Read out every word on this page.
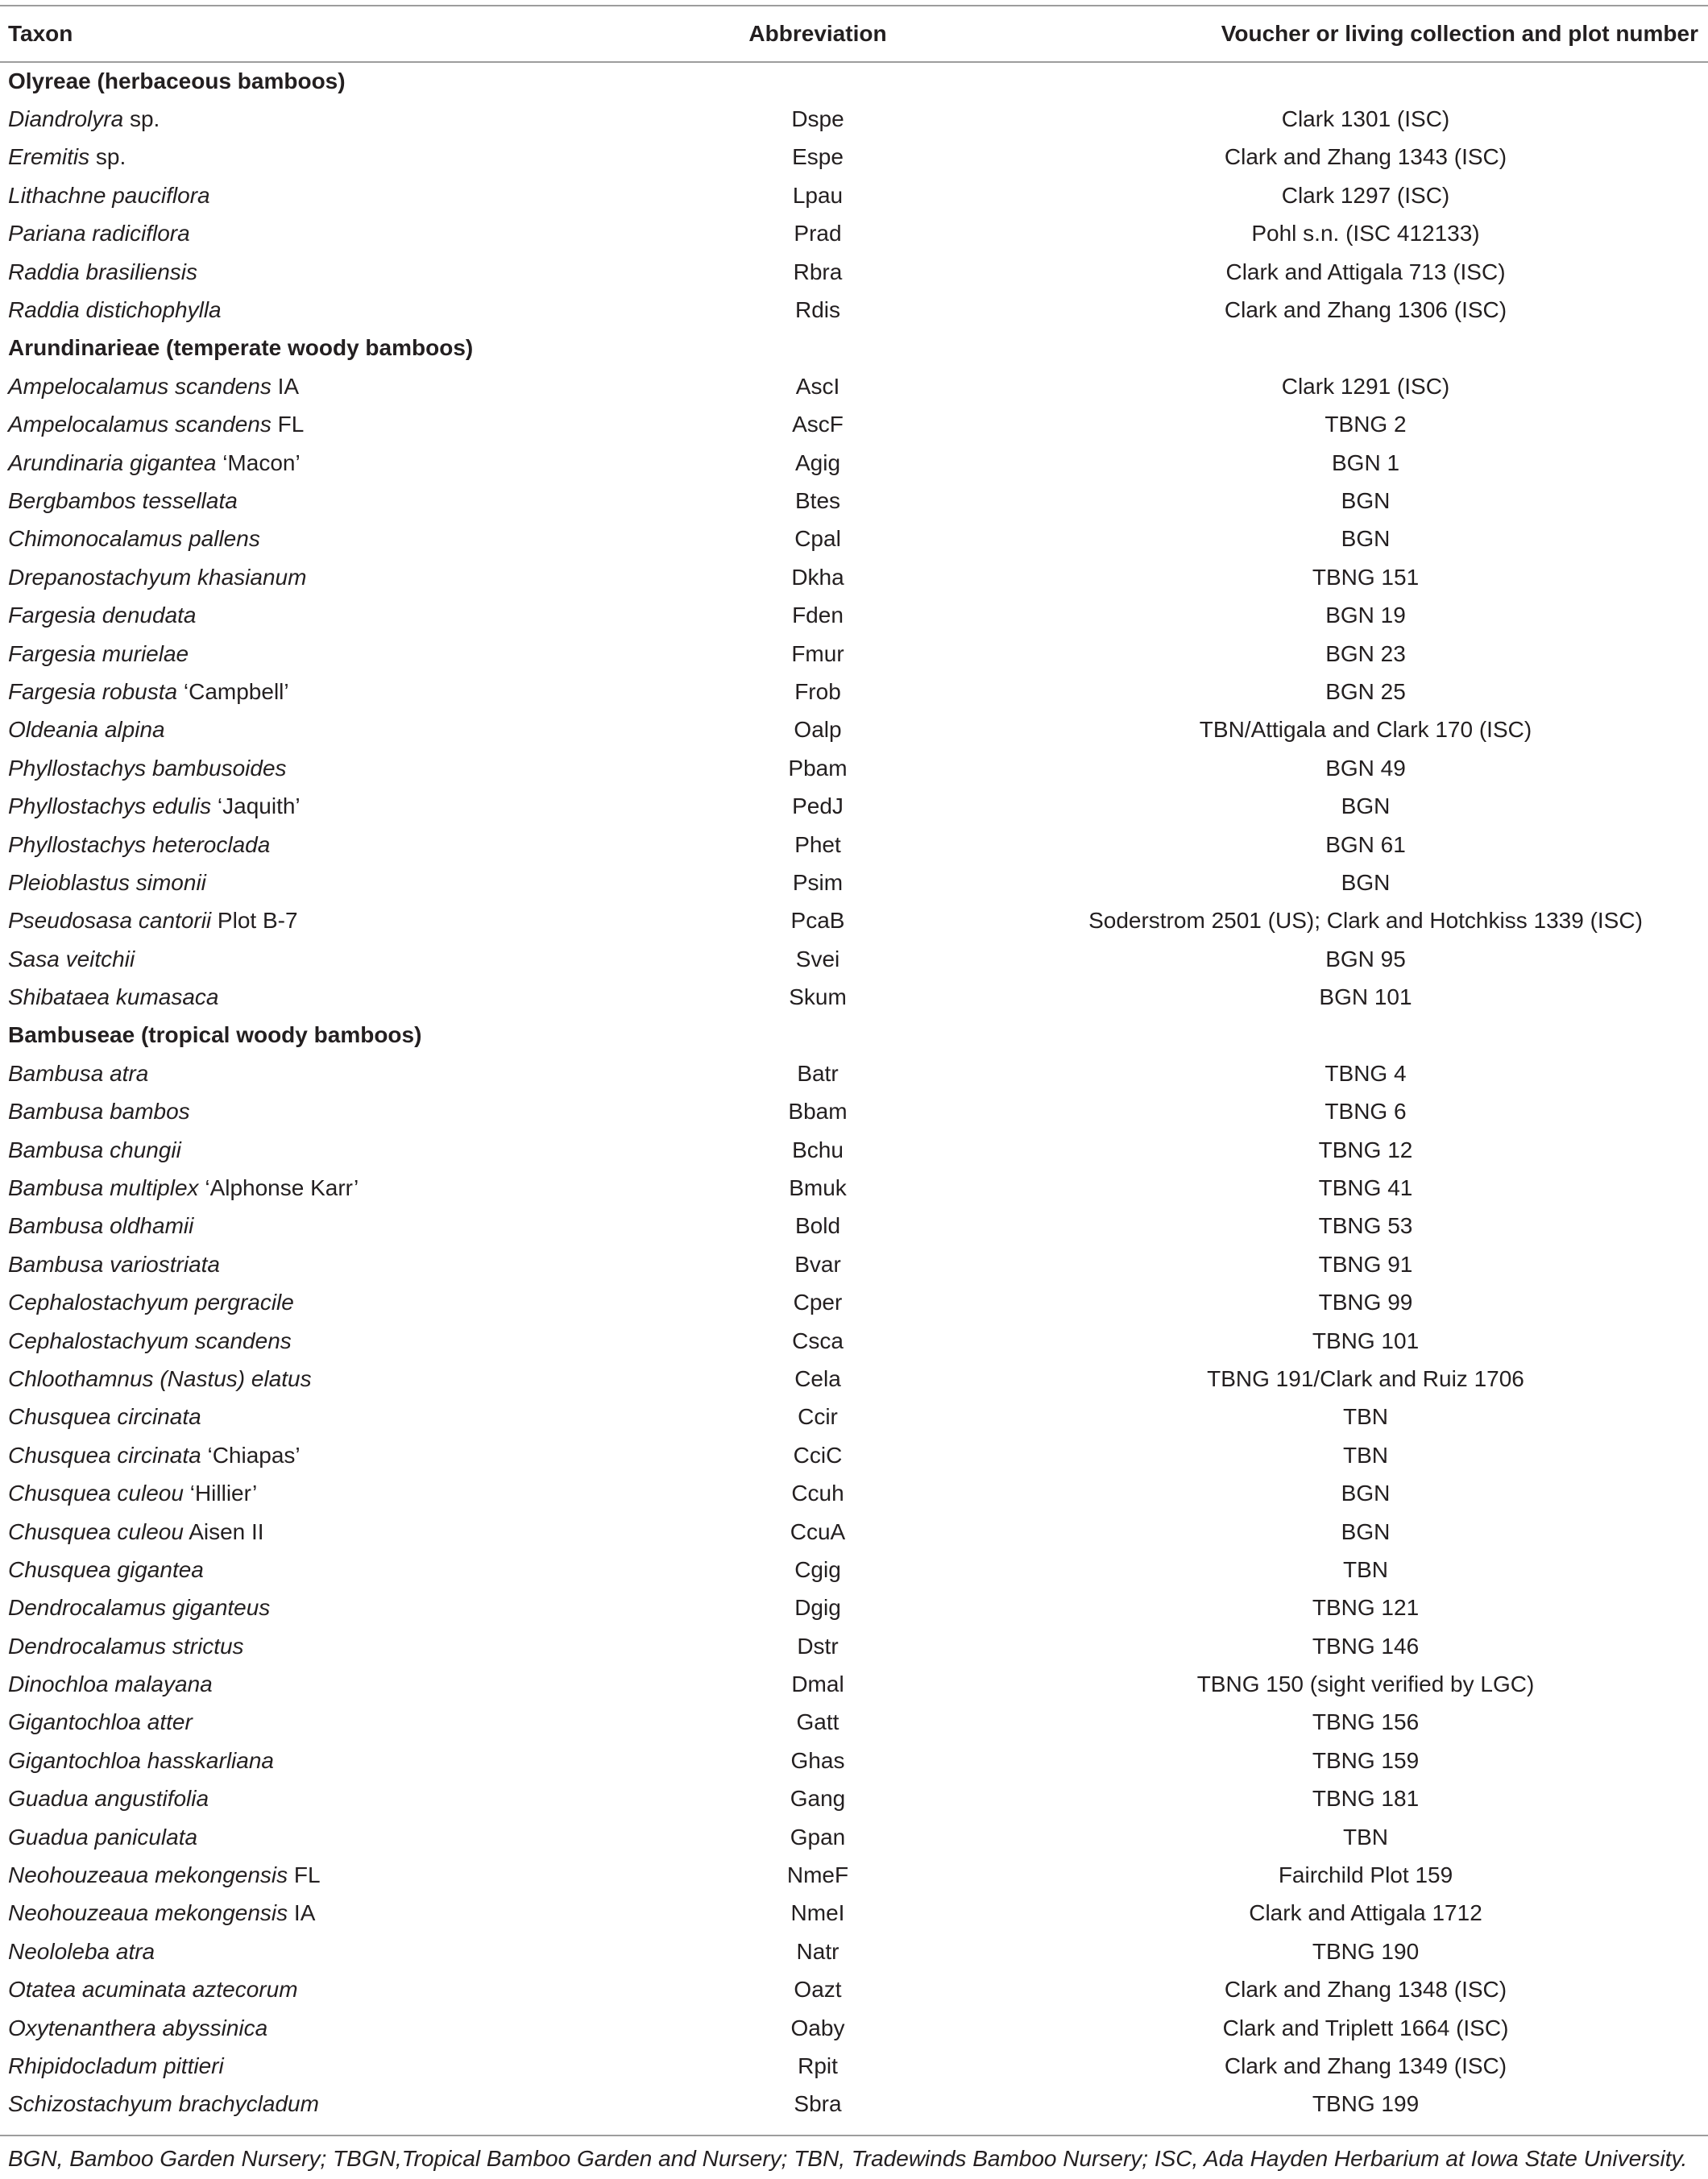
Taxon	Abbreviation	Voucher or living collection and plot number
Olyreae (herbaceous bamboos)		
Diandrolyra sp.	Dspe	Clark 1301 (ISC)
Eremitis sp.	Espe	Clark and Zhang 1343 (ISC)
Lithachne pauciflora	Lpau	Clark 1297 (ISC)
Pariana radiciflora	Prad	Pohl s.n. (ISC 412133)
Raddia brasiliensis	Rbra	Clark and Attigala 713 (ISC)
Raddia distichophylla	Rdis	Clark and Zhang 1306 (ISC)
Arundinarieae (temperate woody bamboos)		
Ampelocalamus scandens IA	AscI	Clark 1291 (ISC)
Ampelocalamus scandens FL	AscF	TBNG 2
Arundinaria gigantea ‘Macon’	Agig	BGN 1
Bergbambos tessellata	Btes	BGN
Chimonocalamus pallens	Cpal	BGN
Drepanostachyum khasianum	Dkha	TBNG 151
Fargesia denudata	Fden	BGN 19
Fargesia murielae	Fmur	BGN 23
Fargesia robusta ‘Campbell’	Frob	BGN 25
Oldeania alpina	Oalp	TBN/Attigala and Clark 170 (ISC)
Phyllostachys bambusoides	Pbam	BGN 49
Phyllostachys edulis ‘Jaquith’	PedJ	BGN
Phyllostachys heteroclada	Phet	BGN 61
Pleioblastus simonii	Psim	BGN
Pseudosasa cantorii Plot B-7	PcaB	Soderstrom 2501 (US); Clark and Hotchkiss 1339 (ISC)
Sasa veitchii	Svei	BGN 95
Shibataea kumasaca	Skum	BGN 101
Bambuseae (tropical woody bamboos)		
Bambusa atra	Batr	TBNG 4
Bambusa bambos	Bbam	TBNG 6
Bambusa chungii	Bchu	TBNG 12
Bambusa multiplex ‘Alphonse Karr’	Bmuk	TBNG 41
Bambusa oldhamii	Bold	TBNG 53
Bambusa variostriata	Bvar	TBNG 91
Cephalostachyum pergracile	Cper	TBNG 99
Cephalostachyum scandens	Csca	TBNG 101
Chloothamnus (Nastus) elatus	Cela	TBNG 191/Clark and Ruiz 1706
Chusquea circinata	Ccir	TBN
Chusquea circinata ‘Chiapas’	CciC	TBN
Chusquea culeou ‘Hillier’	Ccuh	BGN
Chusquea culeou Aisen II	CcuA	BGN
Chusquea gigantea	Cgig	TBN
Dendrocalamus giganteus	Dgig	TBNG 121
Dendrocalamus strictus	Dstr	TBNG 146
Dinochloa malayana	Dmal	TBNG 150 (sight verified by LGC)
Gigantochloa atter	Gatt	TBNG 156
Gigantochloa hasskarliana	Ghas	TBNG 159
Guadua angustifolia	Gang	TBNG 181
Guadua paniculata	Gpan	TBN
Neohouzeaua mekongensis FL	NmeF	Fairchild Plot 159
Neohouzeaua mekongensis IA	NmeI	Clark and Attigala 1712
Neololeba atra	Natr	TBNG 190
Otatea acuminata aztecorum	Oazt	Clark and Zhang 1348 (ISC)
Oxytenanthera abyssinica	Oaby	Clark and Triplett 1664 (ISC)
Rhipidocladum pittieri	Rpit	Clark and Zhang 1349 (ISC)
Schizostachyum brachycladum	Sbra	TBNG 199
BGN, Bamboo Garden Nursery; TBGN,Tropical Bamboo Garden and Nursery; TBN, Tradewinds Bamboo Nursery; ISC, Ada Hayden Herbarium at Iowa State University.
